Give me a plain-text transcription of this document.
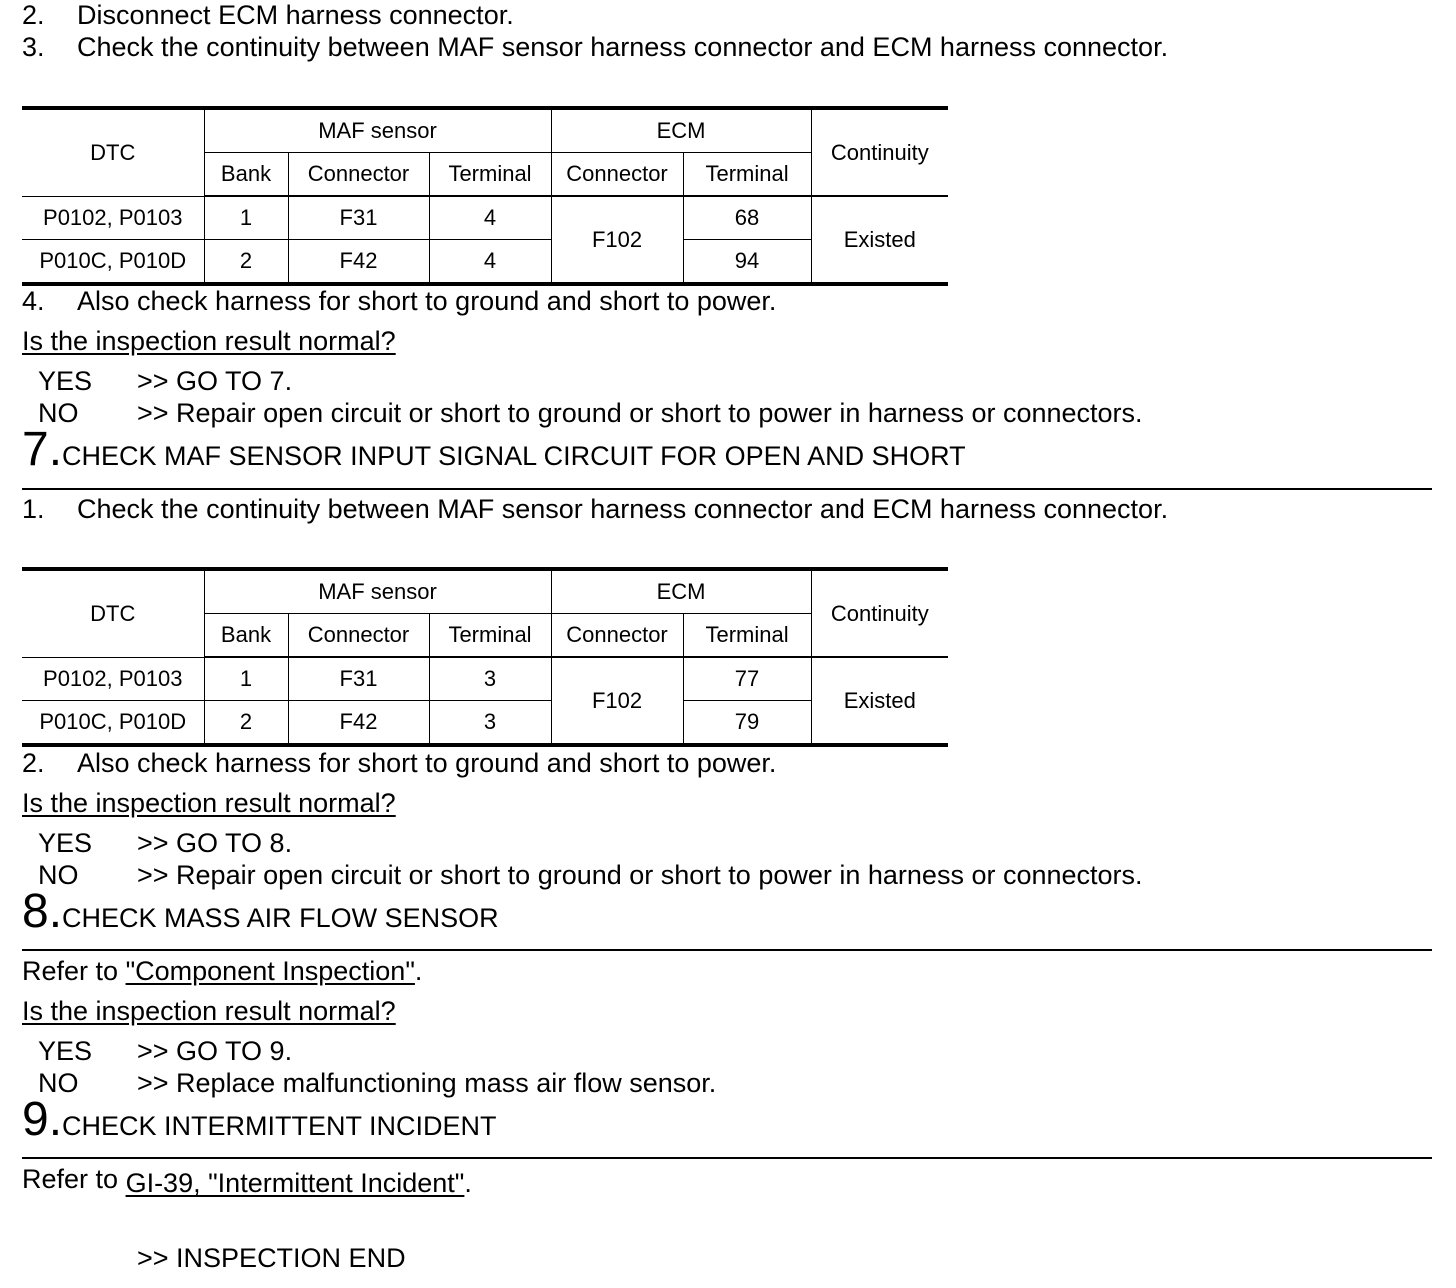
2. Disconnect ECM harness connector.
3. Check the continuity between MAF sensor harness connector and ECM harness connector.
DTC	MAF sensor			ECM		Continuity
	Bank	Connector	Terminal	Connector	Terminal	
P0102, P0103	1	F31	4	F102	68	Existed
P010C, P010D	2	F42	4		94	
4. Also check harness for short to ground and short to power.
Is the inspection result normal?
YES >> GO TO 7.
NO >> Repair open circuit or short to ground or short to power in harness or connectors.
7.CHECK MAF SENSOR INPUT SIGNAL CIRCUIT FOR OPEN AND SHORT
1. Check the continuity between MAF sensor harness connector and ECM harness connector.
DTC	MAF sensor			ECM		Continuity
	Bank	Connector	Terminal	Connector	Terminal	
P0102, P0103	1	F31	3	F102	77	Existed
P010C, P010D	2	F42	3		79	
2. Also check harness for short to ground and short to power.
Is the inspection result normal?
YES >> GO TO 8.
NO >> Repair open circuit or short to ground or short to power in harness or connectors.
8.CHECK MASS AIR FLOW SENSOR
Refer to "Component Inspection".
Is the inspection result normal?
YES >> GO TO 9.
NO >> Replace malfunctioning mass air flow sensor.
9.CHECK INTERMITTENT INCIDENT
Refer to GI-39, "Intermittent Incident".
>> INSPECTION END
